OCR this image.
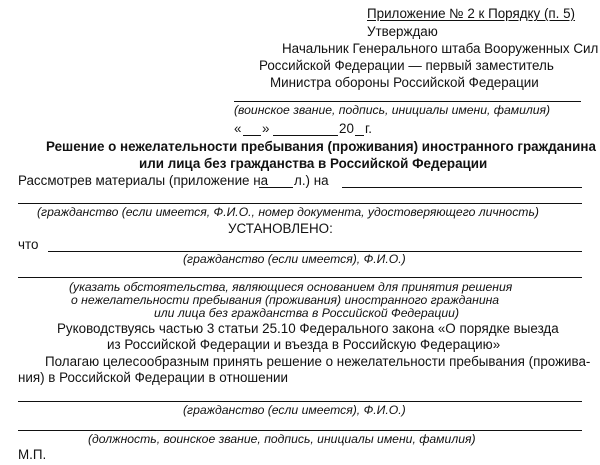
Приложение № 2 к Порядку (п. 5)
Утверждаю
Начальник Генерального штаба Вооруженных Сил
Российской Федерации — первый заместитель
Министра обороны Российской Федерации
(воинское звание, подпись, инициалы имени, фамилия)
« »	20 г.
Решение о нежелательности пребывания (проживания) иностранного гражданина
или лица без гражданства в Российской Федерации
Рассмотрев материалы (приложение на л.) на
(гражданство (если имеется, Ф.И.О., номер документа, удостоверяющего личность)
УСТАНОВЛЕНО:
что
(гражданство (если имеется), Ф.И.О.)
(указать обстоятельства, являющиеся основанием для принятия решения
о нежелательности пребывания (проживания) иностранного гражданина
или лица без гражданства в Российской Федерации)
Руководствуясь частью 3 статьи 25.10 Федерального закона «О порядке выезда
из Российской Федерации и въезда в Российскую Федерацию»
Полагаю целесообразным принять решение о нежелательности пребывания (прожива-
ния) в Российской Федерации в отношении
(гражданство (если имеется), Ф.И.О.)
(должность, воинское звание, подпись, инициалы имени, фамилия)
М.П.
